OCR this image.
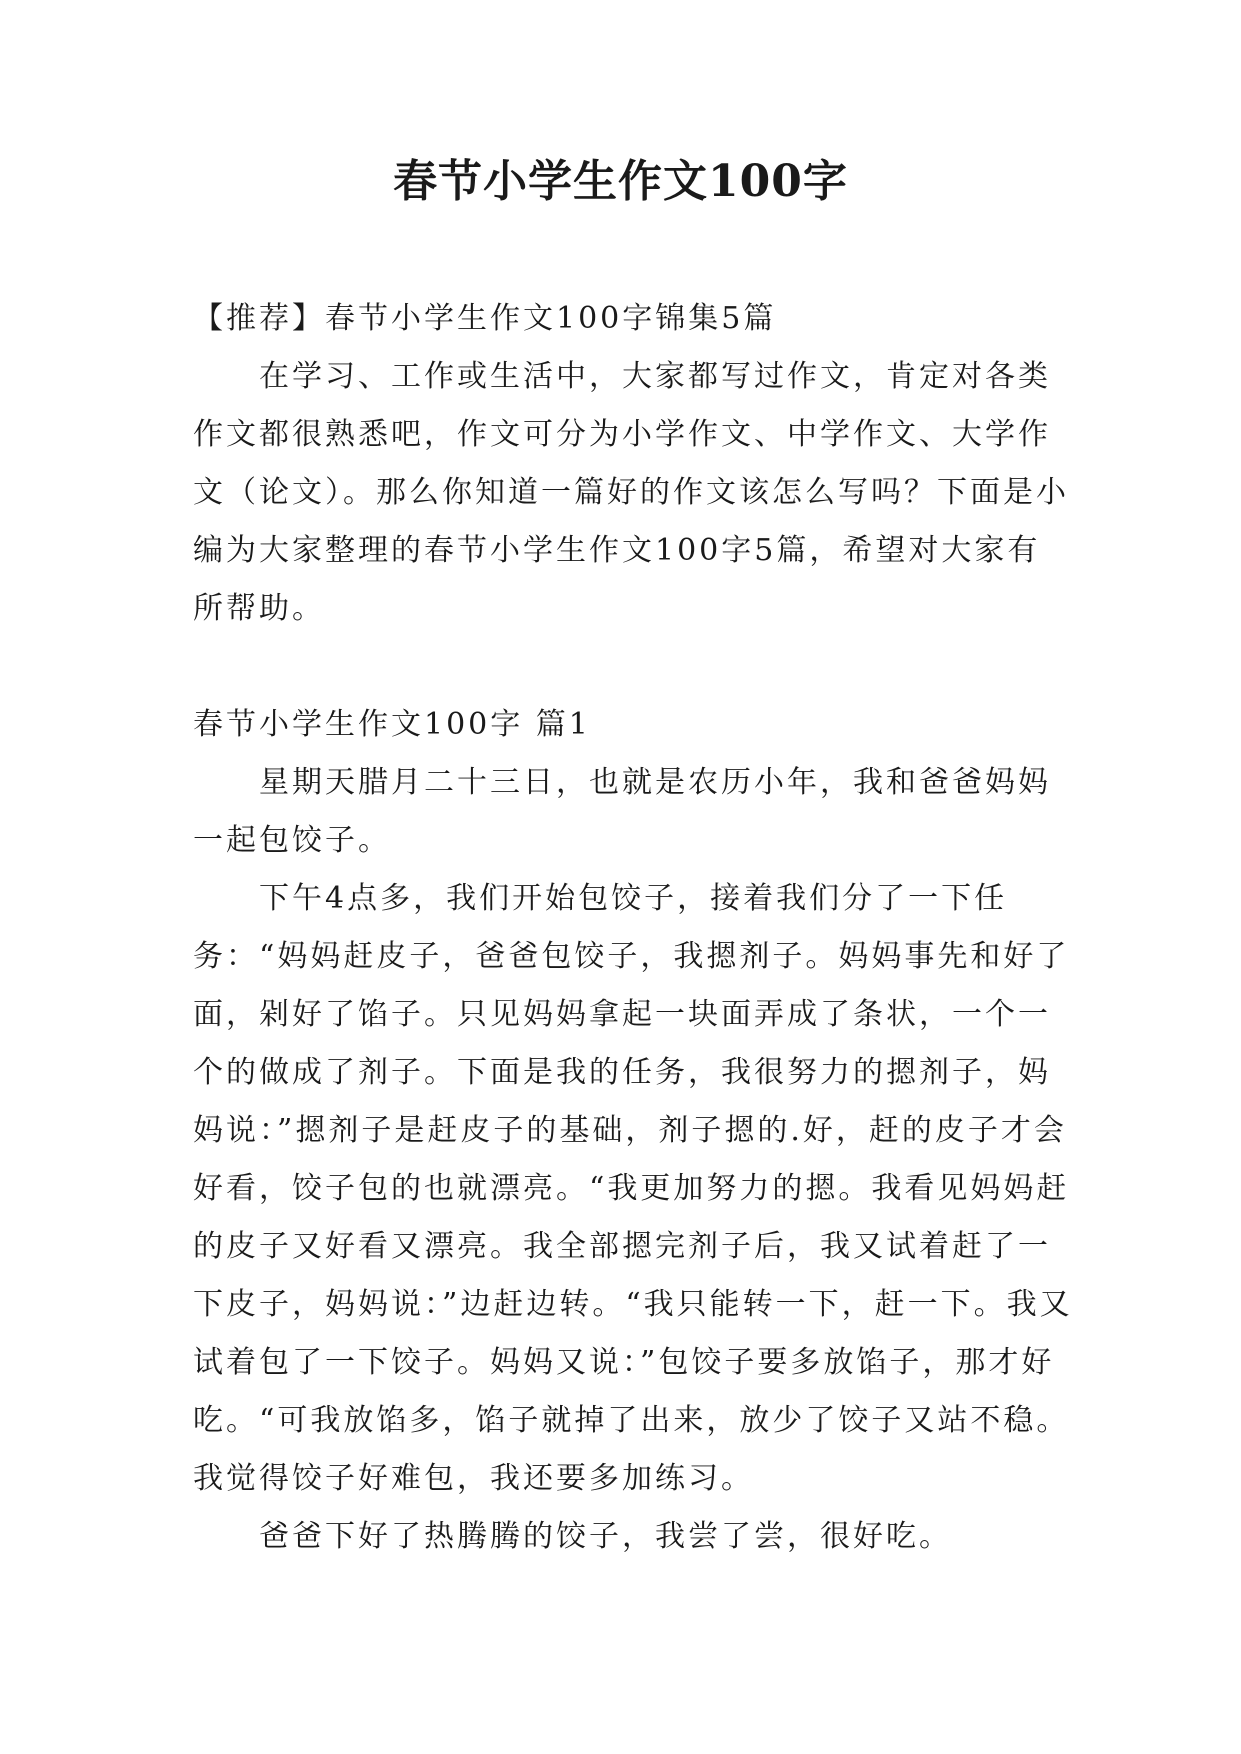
春节小学生作文100字

【推荐】春节小学生作文100字锦集5篇

在学习、工作或生活中，大家都写过作文，肯定对各类作文都很熟悉吧，作文可分为小学作文、中学作文、大学作文（论文）。那么你知道一篇好的作文该怎么写吗？下面是小编为大家整理的春节小学生作文100字5篇，希望对大家有所帮助。

春节小学生作文100字 篇1

星期天腊月二十三日，也就是农历小年，我和爸爸妈妈一起包饺子。

下午4点多，我们开始包饺子，接着我们分了一下任务：“妈妈赶皮子，爸爸包饺子，我摁剂子。妈妈事先和好了面，剁好了馅子。只见妈妈拿起一块面弄成了条状，一个一个的做成了剂子。下面是我的任务，我很努力的摁剂子，妈妈说：”摁剂子是赶皮子的基础，剂子摁的.好，赶的皮子才会好看，饺子包的也就漂亮。“我更加努力的摁。我看见妈妈赶的皮子又好看又漂亮。我全部摁完剂子后，我又试着赶了一下皮子，妈妈说：”边赶边转。“我只能转一下，赶一下。我又试着包了一下饺子。妈妈又说：”包饺子要多放馅子，那才好吃。“可我放馅多，馅子就掉了出来，放少了饺子又站不稳。我觉得饺子好难包，我还要多加练习。

爸爸下好了热腾腾的饺子，我尝了尝，很好吃。
